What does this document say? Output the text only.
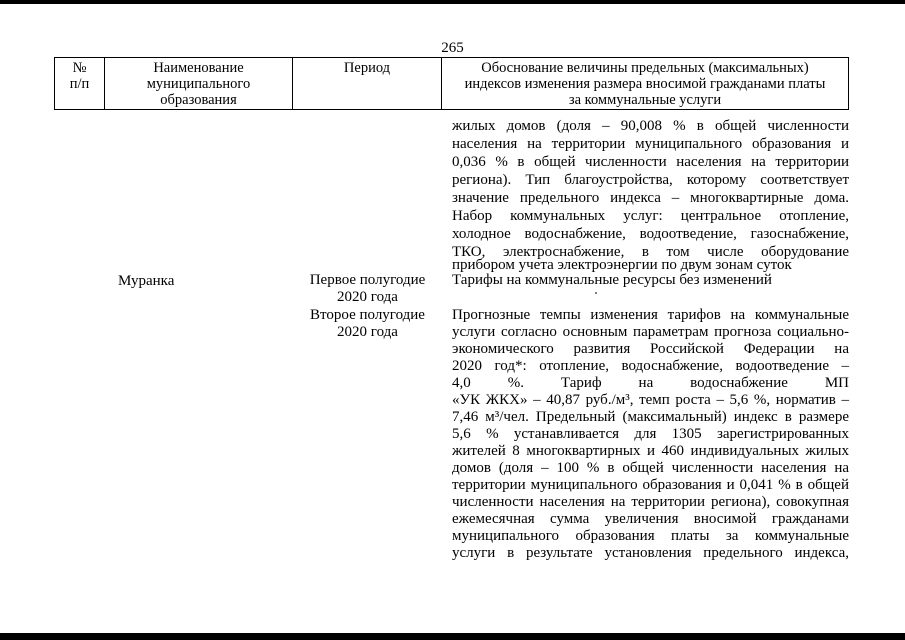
265
№
п/п
Наименование
муниципального
образования
Период	Обоснование величины предельных (максимальных)
индексов изменения размера вносимой гражданами платы
за коммунальные услуги
жилых домов (доля – 90,008 % в общей численности
населения на территории муниципального образования и
0,036 % в общей численности населения на территории
региона). Тип благоустройства, которому соответствует
значение предельного индекса – многоквартирные дома.
Набор коммунальных услуг: центральное отопление,
холодное водоснабжение, водоотведение, газоснабжение,
ТКО, электроснабжение, в том числе оборудование
прибором учета электроэнергии по двум зонам суток
Муранка	Первое полугодие
2020 года
Второе полугодие
2020 года
Тарифы на коммунальные ресурсы без изменений
Прогнозные темпы изменения тарифов на коммунальные
услуги согласно основным параметрам прогноза социально-
экономического развития Российской Федерации на
2020 год*: отопление, водоснабжение, водоотведение –
4,0 %. Тариф на водоснабжение МП
«УК ЖКХ» – 40,87 руб./м³, темп роста – 5,6 %, норматив –
7,46 м³/чел. Предельный (максимальный) индекс в размере
5,6 % устанавливается для 1305 зарегистрированных
жителей 8 многоквартирных и 460 индивидуальных жилых
домов (доля – 100 % в общей численности населения на
территории муниципального образования и 0,041 % в общей
численности населения на территории региона), совокупная
ежемесячная сумма увеличения вносимой гражданами
муниципального образования платы за коммунальные
услуги в результате установления предельного индекса,
